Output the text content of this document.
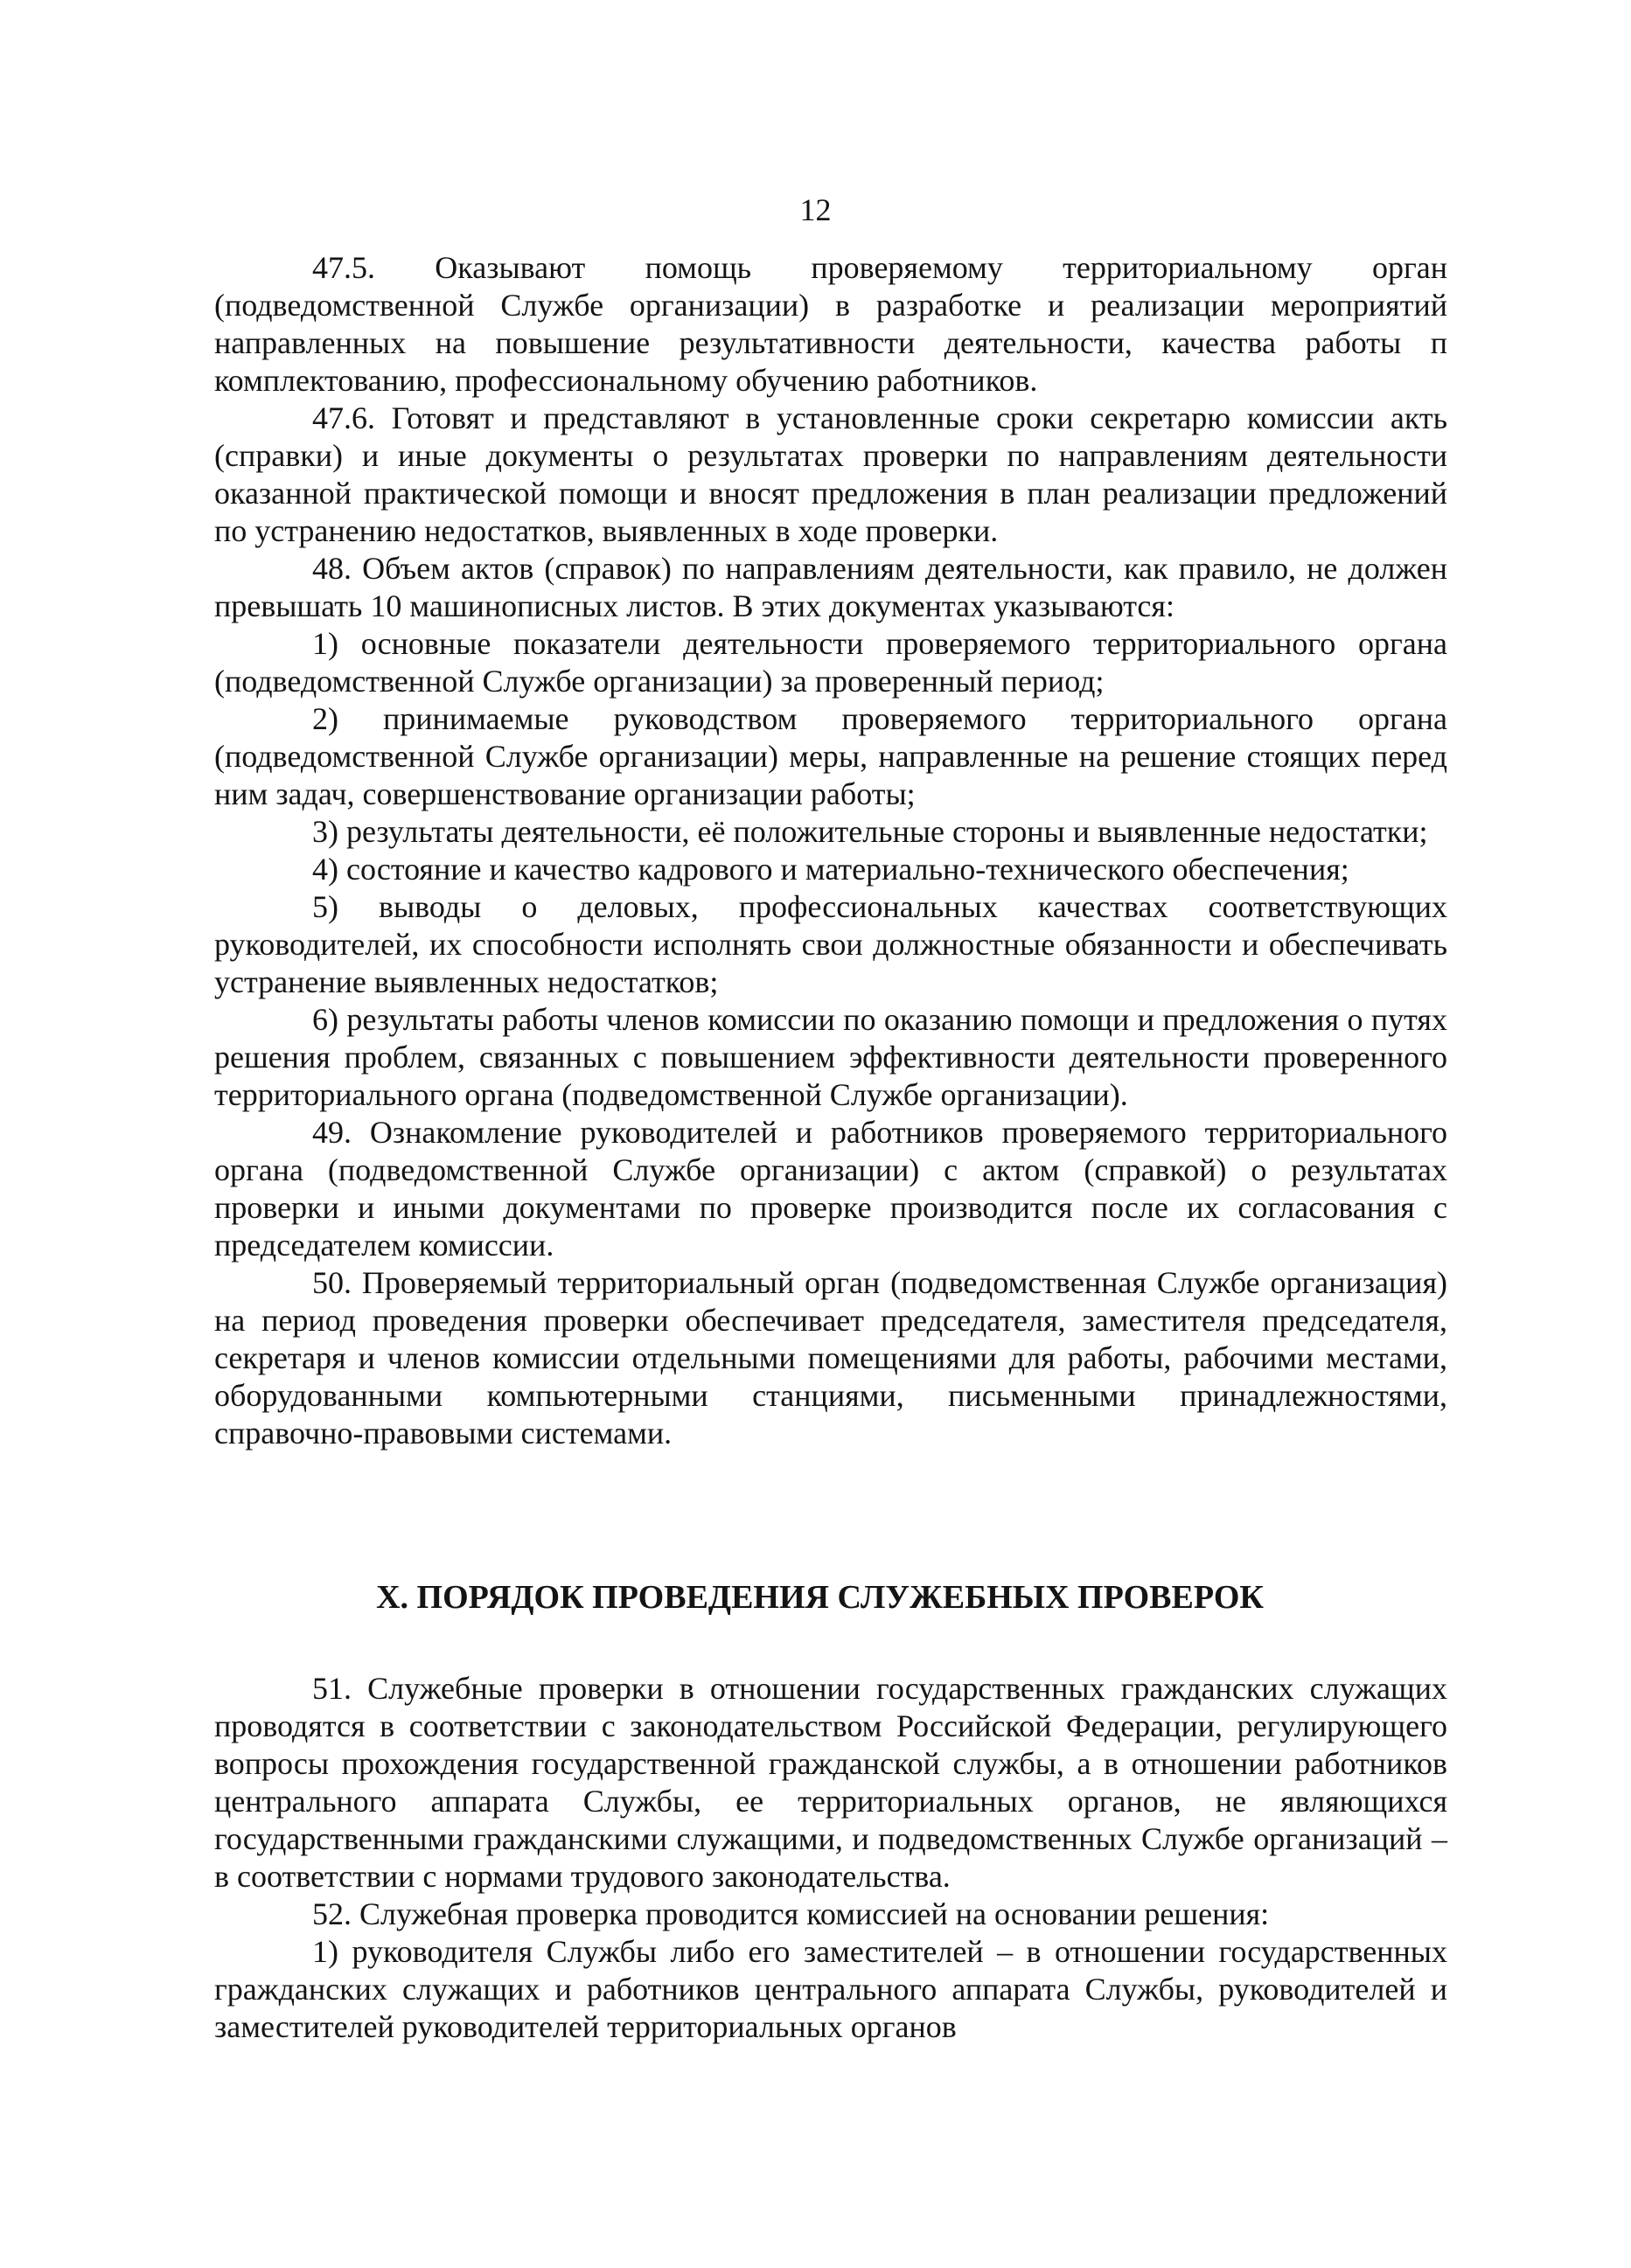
12

47.5. Оказывают помощь проверяемому территориальному орган (подведомственной Службе организации) в разработке и реализации мероприятий направленных на повышение результативности деятельности, качества работы п комплектованию, профессиональному обучению работников.

47.6. Готовят и представляют в установленные сроки секретарю комиссии акть (справки) и иные документы о результатах проверки по направлениям деятельности оказанной практической помощи и вносят предложения в план реализации предложений по устранению недостатков, выявленных в ходе проверки.

48. Объем актов (справок) по направлениям деятельности, как правило, не должен превышать 10 машинописных листов. В этих документах указываются:

1) основные показатели деятельности проверяемого территориального органа (подведомственной Службе организации) за проверенный период;

2) принимаемые руководством проверяемого территориального органа (подведомственной Службе организации) меры, направленные на решение стоящих перед ним задач, совершенствование организации работы;

3) результаты деятельности, её положительные стороны и выявленные недостатки;

4) состояние и качество кадрового и материально-технического обеспечения;

5) выводы о деловых, профессиональных качествах соответствующих руководителей, их способности исполнять свои должностные обязанности и обеспечивать устранение выявленных недостатков;

6) результаты работы членов комиссии по оказанию помощи и предложения о путях решения проблем, связанных с повышением эффективности деятельности проверенного территориального органа (подведомственной Службе организации).

49. Ознакомление руководителей и работников проверяемого территориального органа (подведомственной Службе организации) с актом (справкой) о результатах проверки и иными документами по проверке производится после их согласования с председателем комиссии.

50. Проверяемый территориальный орган (подведомственная Службе организация) на период проведения проверки обеспечивает председателя, заместителя председателя, секретаря и членов комиссии отдельными помещениями для работы, рабочими местами, оборудованными компьютерными станциями, письменными принадлежностями, справочно-правовыми системами.

X. ПОРЯДОК ПРОВЕДЕНИЯ СЛУЖЕБНЫХ ПРОВЕРОК

51. Служебные проверки в отношении государственных гражданских служащих проводятся в соответствии с законодательством Российской Федерации, регулирующего вопросы прохождения государственной гражданской службы, а в отношении работников центрального аппарата Службы, ее территориальных органов, не являющихся государственными гражданскими служащими, и подведомственных Службе организаций – в соответствии с нормами трудового законодательства.

52. Служебная проверка проводится комиссией на основании решения:

1) руководителя Службы либо его заместителей – в отношении государственных гражданских служащих и работников центрального аппарата Службы, руководителей и заместителей руководителей территориальных органов
